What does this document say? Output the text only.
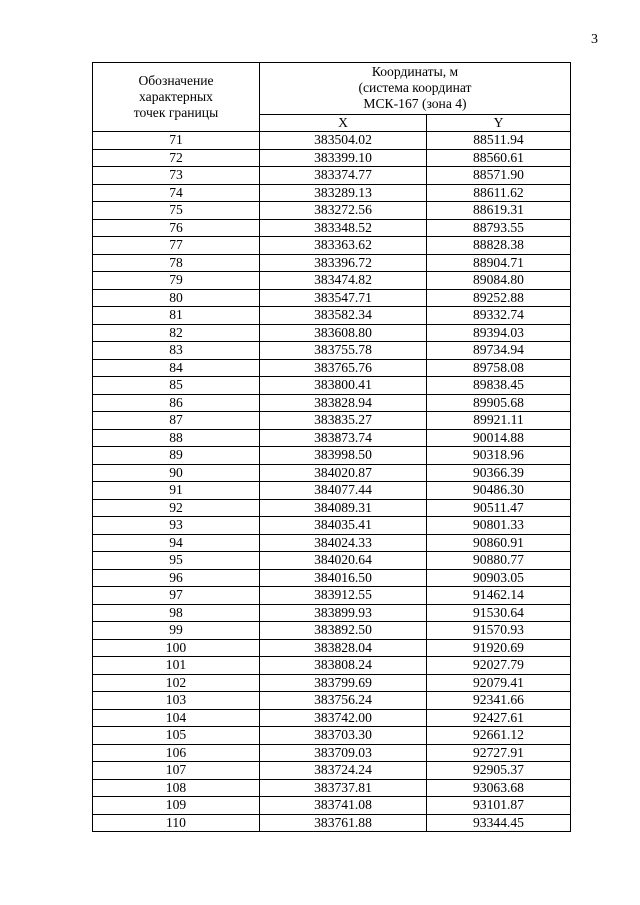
3
Обозначение
характерных
точек границы	Координаты, м
(система координат
МСК-167 (зона 4)	

	X	Y
71	383504.02	88511.94
72	383399.10	88560.61
73	383374.77	88571.90
74	383289.13	88611.62
75	383272.56	88619.31
76	383348.52	88793.55
77	383363.62	88828.38
78	383396.72	88904.71
79	383474.82	89084.80
80	383547.71	89252.88
81	383582.34	89332.74
82	383608.80	89394.03
83	383755.78	89734.94
84	383765.76	89758.08
85	383800.41	89838.45
86	383828.94	89905.68
87	383835.27	89921.11
88	383873.74	90014.88
89	383998.50	90318.96
90	384020.87	90366.39
91	384077.44	90486.30
92	384089.31	90511.47
93	384035.41	90801.33
94	384024.33	90860.91
95	384020.64	90880.77
96	384016.50	90903.05
97	383912.55	91462.14
98	383899.93	91530.64
99	383892.50	91570.93
100	383828.04	91920.69
101	383808.24	92027.79
102	383799.69	92079.41
103	383756.24	92341.66
104	383742.00	92427.61
105	383703.30	92661.12
106	383709.03	92727.91
107	383724.24	92905.37
108	383737.81	93063.68
109	383741.08	93101.87
110	383761.88	93344.45
